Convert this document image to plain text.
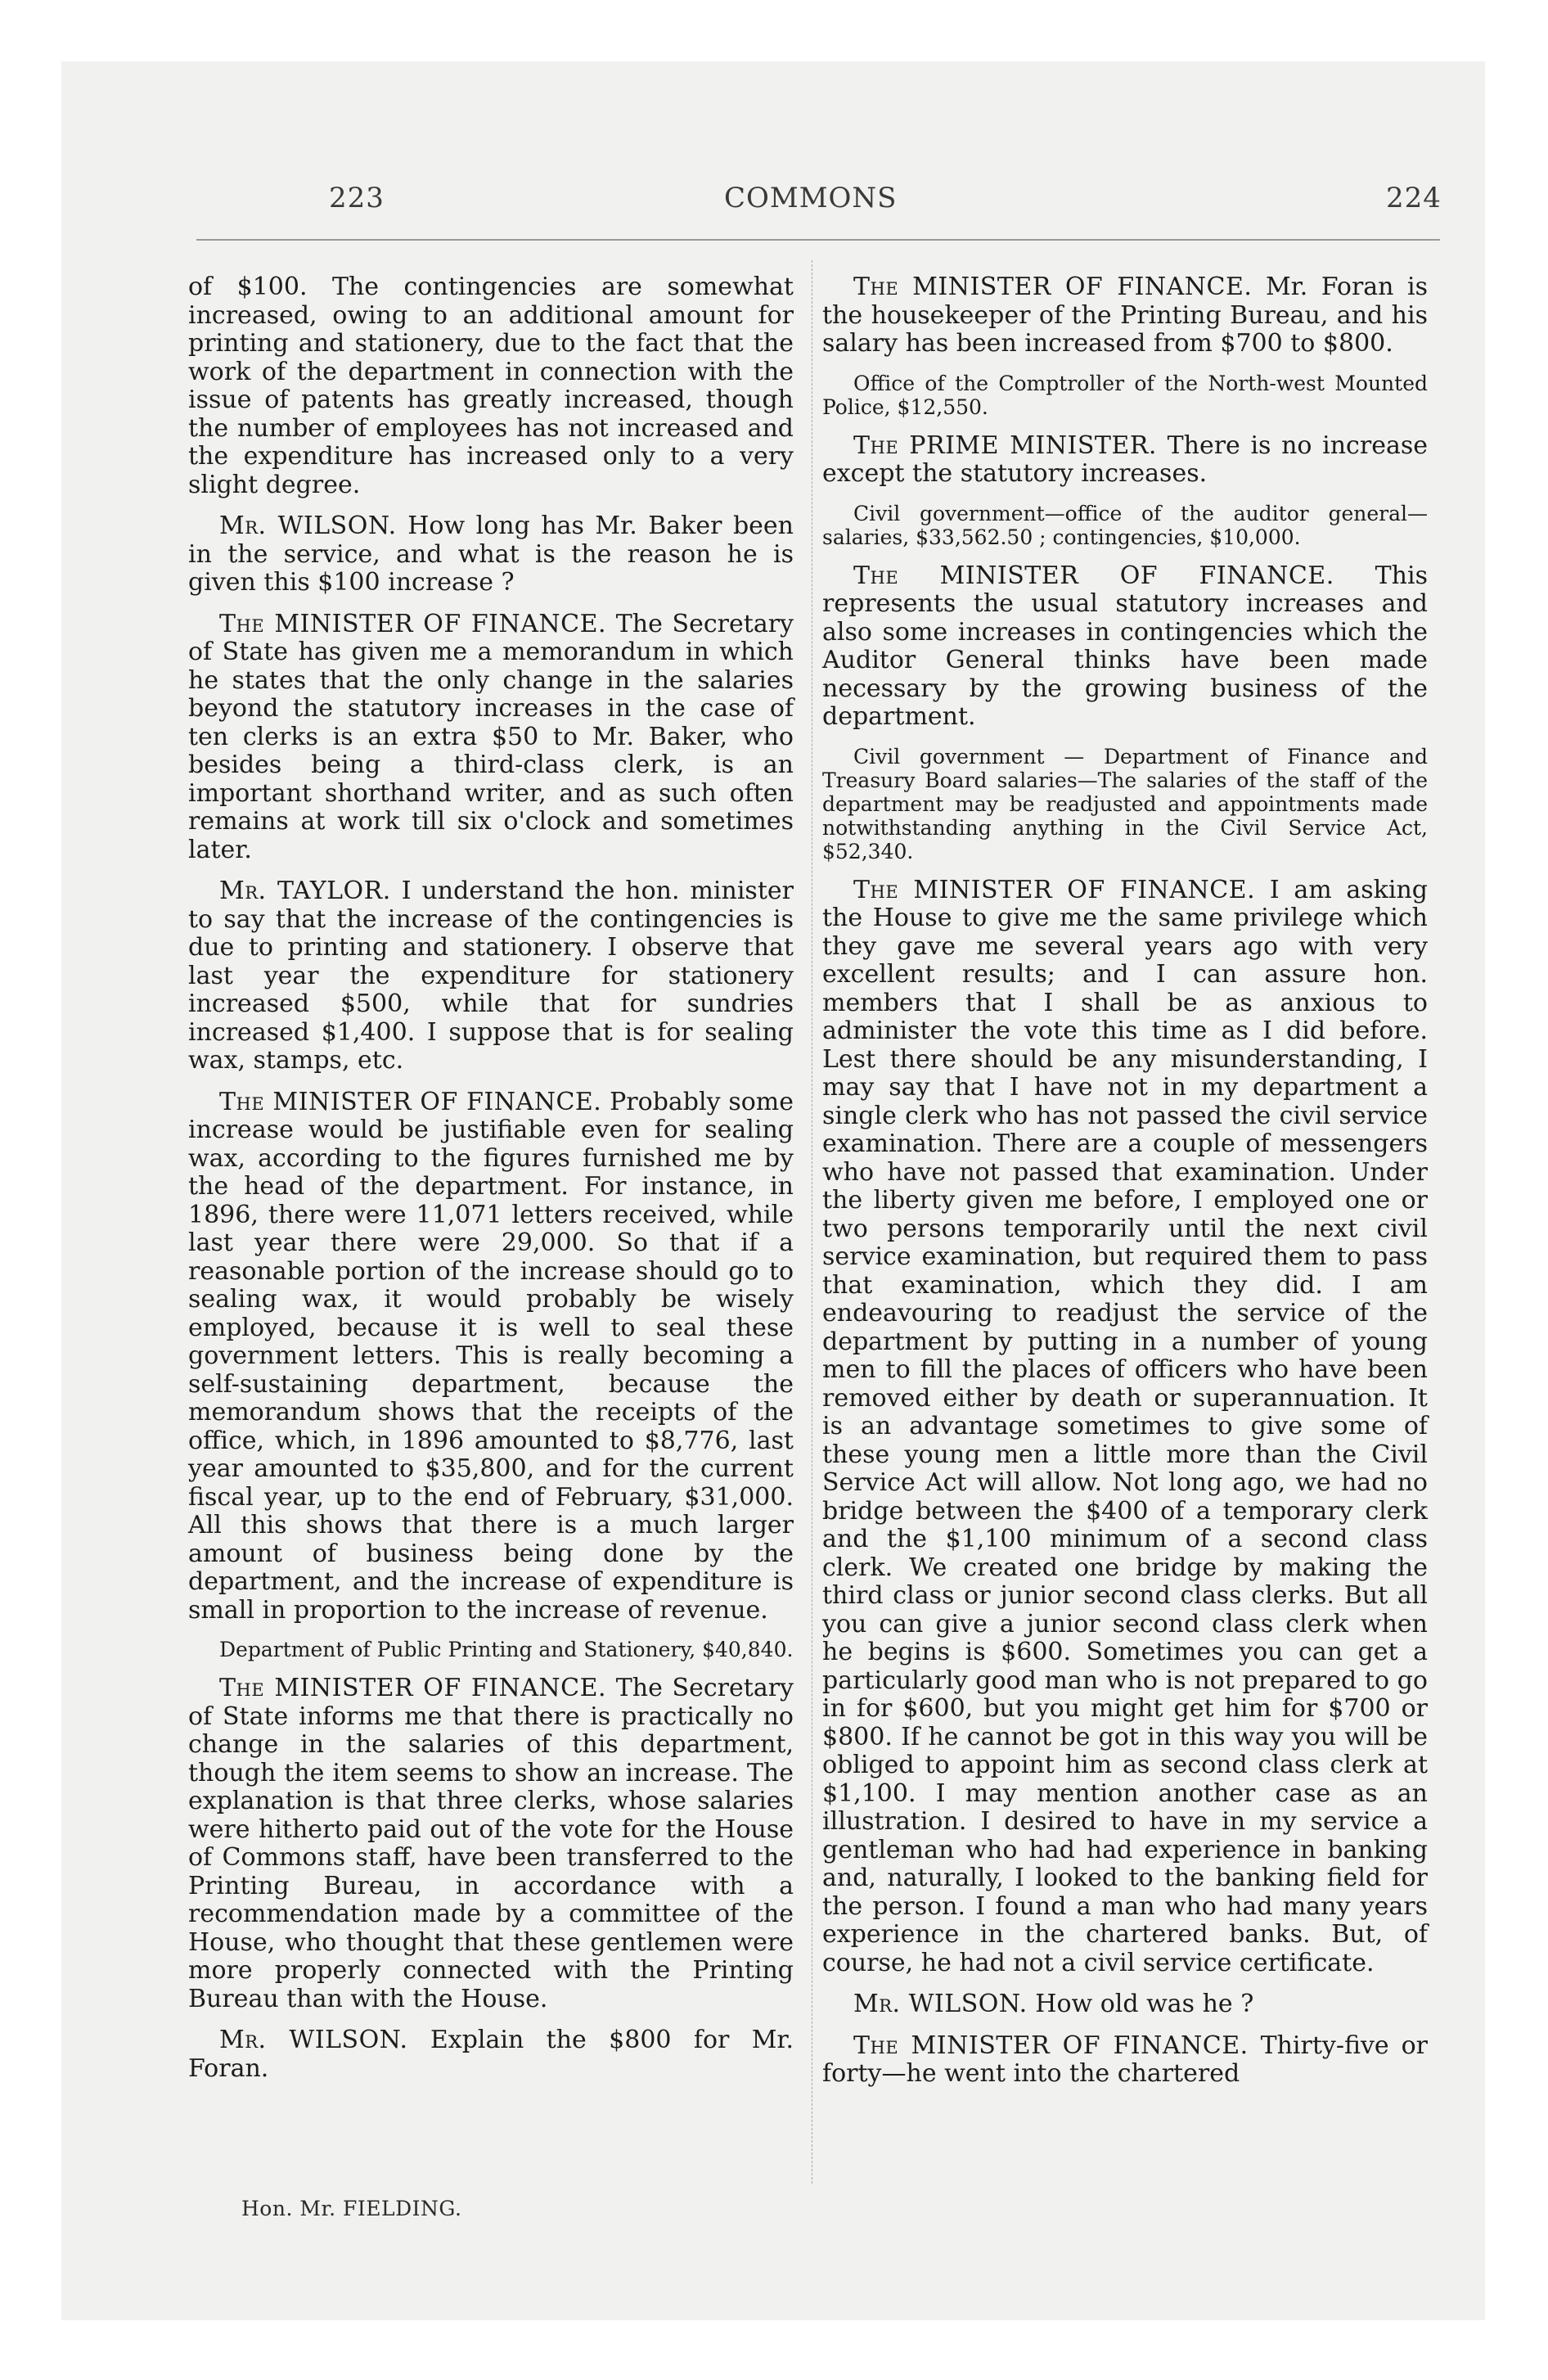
223	COMMONS	224

of $100. The contingencies are somewhat increased, owing to an additional amount for printing and stationery, due to the fact that the work of the department in connection with the issue of patents has greatly increased, though the number of employees has not increased and the expenditure has increased only to a very slight degree.

Mr. WILSON. How long has Mr. Baker been in the service, and what is the reason he is given this $100 increase ?

The MINISTER OF FINANCE. The Secretary of State has given me a memorandum in which he states that the only change in the salaries beyond the statutory increases in the case of ten clerks is an extra $50 to Mr. Baker, who besides being a third-class clerk, is an important shorthand writer, and as such often remains at work till six o'clock and sometimes later.

Mr. TAYLOR. I understand the hon. minister to say that the increase of the contingencies is due to printing and stationery. I observe that last year the expenditure for stationery increased $500, while that for sundries increased $1,400. I suppose that is for sealing wax, stamps, etc.

The MINISTER OF FINANCE. Probably some increase would be justifiable even for sealing wax, according to the figures furnished me by the head of the department. For instance, in 1896, there were 11,071 letters received, while last year there were 29,000. So that if a reasonable portion of the increase should go to sealing wax, it would probably be wisely employed, because it is well to seal these government letters. This is really becoming a self-sustaining department, because the memorandum shows that the receipts of the office, which, in 1896 amounted to $8,776, last year amounted to $35,800, and for the current fiscal year, up to the end of February, $31,000. All this shows that there is a much larger amount of business being done by the department, and the increase of expenditure is small in proportion to the increase of revenue.

Department of Public Printing and Stationery, $40,840.

The MINISTER OF FINANCE. The Secretary of State informs me that there is practically no change in the salaries of this department, though the item seems to show an increase. The explanation is that three clerks, whose salaries were hitherto paid out of the vote for the House of Commons staff, have been transferred to the Printing Bureau, in accordance with a recommendation made by a committee of the House, who thought that these gentlemen were more properly connected with the Printing Bureau than with the House.

Mr. WILSON. Explain the $800 for Mr. Foran.

The MINISTER OF FINANCE. Mr. Foran is the housekeeper of the Printing Bureau, and his salary has been increased from $700 to $800.

Office of the Comptroller of the North-west Mounted Police, $12,550.

The PRIME MINISTER. There is no increase except the statutory increases.

Civil government—office of the auditor general—salaries, $33,562.50 ; contingencies, $10,000.

The MINISTER OF FINANCE. This represents the usual statutory increases and also some increases in contingencies which the Auditor General thinks have been made necessary by the growing business of the department.

Civil government — Department of Finance and Treasury Board salaries—The salaries of the staff of the department may be readjusted and appointments made notwithstanding anything in the Civil Service Act, $52,340.

The MINISTER OF FINANCE. I am asking the House to give me the same privilege which they gave me several years ago with very excellent results; and I can assure hon. members that I shall be as anxious to administer the vote this time as I did before. Lest there should be any misunderstanding, I may say that I have not in my department a single clerk who has not passed the civil service examination. There are a couple of messengers who have not passed that examination. Under the liberty given me before, I employed one or two persons temporarily until the next civil service examination, but required them to pass that examination, which they did. I am endeavouring to readjust the service of the department by putting in a number of young men to fill the places of officers who have been removed either by death or superannuation. It is an advantage sometimes to give some of these young men a little more than the Civil Service Act will allow. Not long ago, we had no bridge between the $400 of a temporary clerk and the $1,100 minimum of a second class clerk. We created one bridge by making the third class or junior second class clerks. But all you can give a junior second class clerk when he begins is $600. Sometimes you can get a particularly good man who is not prepared to go in for $600, but you might get him for $700 or $800. If he cannot be got in this way you will be obliged to appoint him as second class clerk at $1,100. I may mention another case as an illustration. I desired to have in my service a gentleman who had had experience in banking and, naturally, I looked to the banking field for the person. I found a man who had many years experience in the chartered banks. But, of course, he had not a civil service certificate.

Mr. WILSON. How old was he ?

The MINISTER OF FINANCE. Thirty-five or forty—he went into the chartered

Hon. Mr. FIELDING.
